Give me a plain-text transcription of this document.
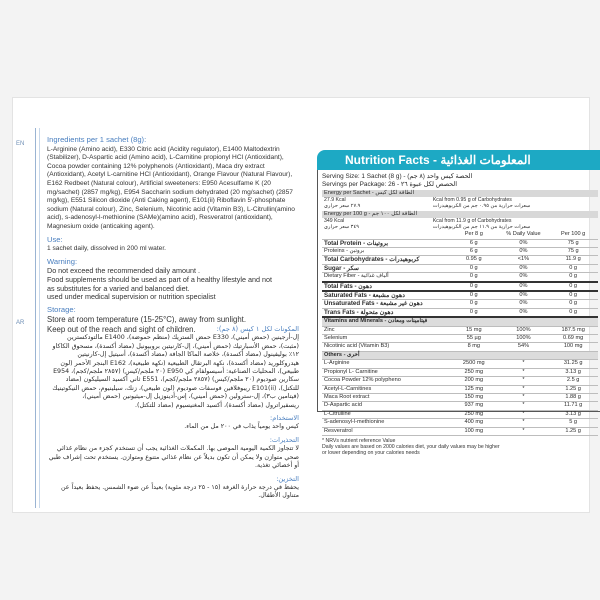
EN
AR
Ingredients per 1 sachet (8g):
L-Arginine (Amino acid), E330 Citric acid (Acidity regulator), E1400 Maltodextrin (Stabilizer), D-Aspartic acid (Amino acid), L-Carnitine propionyl HCl (Antioxidant), Cocoa powder containing 12% polyphenols (Antioxidant), Maca dry extract (Antioxidant), Acetyl L-carnitine HCl (Antioxidant), Orange Flavour (Natural Flavour), E162 Redbeet (Natural colour), Artificial sweeteners: E950 Acesulfame K (20 mg/sachet) (2857 mg/kg), E954 Saccharin sodium dehydrated (20 mg/sachet) (2857 mg/kg), E551 Silicon dioxide (Anti Caking agent), E101(ii) Riboflavin 5'-phosphate sodium (Natural colour), Zinc, Selenium, Nicotinic acid (Vitamin B3), L-Citrullin(amino acid), s-adenosyl-l-methionine (SAMe)(amino acid), Resveratrol (antioxidant), Magnesium oxide (anticaking agent).
Use:
1 sachet daily, dissolved in 200 ml water.
Warning:
Do not exceed the recommended daily amount .
Food supplements should be used as part of a healthy lifestyle and not
as substitutes for a varied and balanced diet.
used under medical supervision or nutrition specialist
Storage:
Store at room temperature (15-25°C), away from sunlight.
Keep out of the reach and sight of children.	المكونات لكل ١ كيس (٨ جم):
إل-أرجينين (حمض أميني)، E330 حمض الستريك (منظم حموضة)، E1400 مالتودكسترين (مثبت)، حمض الأسبارتيك (حمض أميني)، إل-كارنيتين بروبيونيل (مضاد أكسدة)، مسحوق الكاكاو ١٢٪ بوليفينول (مضاد أكسدة)، خلاصة الماكا الجافة (مضاد أكسدة)، أسيتيل إل-كارنيتين هيدروكلوريد (مضاد أكسدة)، نكهة البرتقال الطبيعية (نكهة طبيعية)، E162 البنجر الأحمر (لون طبيعي)، المحليات الصناعية: أسيسولفام كي E950 (٢٠ ملجم/كيس) (٢٨٥٧ ملجم/كجم)، E954 سكارين صوديوم (٢٠ ملجم/كيس) (٢٨٥٧ ملجم/كجم)، E551 ثاني أكسيد السيليكون (مضاد للتكتل)، E101(ii) ريبوفلافين فوسفات صوديوم (لون طبيعي)، زنك، سيلينيوم، حمض النيكوتينيك (فيتامين ب٣)، إل-سترولين (حمض أميني)، إس-أدينوزيل إل-ميثيونين (حمض أميني)، ريسفيراترول (مضاد أكسدة)، أكسيد المغنيسيوم (مضاد للتكتل).
الاستخدام:
كيس واحد يومياً يذاب في ٢٠٠ مل من الماء.
التحذيرات:
لا تتجاوز الكمية اليومية الموصى بها. المكملات الغذائية يجب أن تستخدم كجزء من نظام غذائي صحي متوازن ولا يمكن أن تكون بديلاً عن نظام غذائي متنوع ومتوازن. يستخدم تحت إشراف طبي أو أخصائي تغذية.
التخزين:
يحفظ في درجة حرارة الغرفة (١٥ - ٢٥ درجة مئوية) بعيداً عن ضوء الشمس. يحفظ بعيداً عن متناول الأطفال.
Nutrition Facts - المعلومات الغذائية
Serving Size: 1 Sachet (8 g) - الحصة كيس واحد (٨ جم)
Servings per Package: 26 - الحصص لكل عبوة ٢٦
Energy per Sachet - الطاقة لكل كيس
27.9 Kcal	Kcal from 0.95 g of Carbohydrates
٢٧.٩ سعر حراري	سعرات حرارية من ٠.٩٥ جم من الكربوهيدرات
Energy per 100 g - الطاقة لكل ١٠٠ جم
349 Kcal	Kcal from 11.9 g of Carbohydrates
٣٤٩ سعر حراري	سعرات حرارية من ١١.٩ جم من الكربوهيدرات
	Per 8 g	% Daily Value	Per 100 g
Total Protein - بروتينات	6 g	0%	75 g
Proteins - بروتين	6 g	0%	75 g
Total Carbohydrates - كربوهيدرات	0.95 g	<1%	11.9 g
Sugar - سكر	0 g	0%	0 g
Dietary Fiber - ألياف غذائية	0 g	0%	0 g
Total Fats - دهون	0 g	0%	0 g
Saturated Fats - دهون مشبعة	0 g	0%	0 g
Unsaturated Fats - دهون غير مشبعة	0 g	0%	0 g
Trans Fats - دهون متحولة	0 g	0%	0 g
Vitamins and Minerals - فيتامينات ومعادن			
Zinc	15 mg	100%	187.5 mg
Selenium	55 µg	100%	0.69 mg
Nicotinic acid (Vitamin B3)	8 mg	54%	100 mg
Others - أخرى			
L-Arginine	2500 mg	*	31.25 g
Propionyl L- Carnitine	250 mg	*	3.13 g
Cocoa Powder 12% polypheno	200 mg	*	2.5 g
Acetyl-L-Carnitines	125 mg	*	1.25 g
Maca Root extract	150 mg	*	1.88 g
D-Aspartic acid	937 mg	*	11.71 g
L-Citrulline	250 mg	*	3.13 g
S-adenosyl-l-methionine	400 mg	*	5 g
Resveratrol	100 mg	*	1.25 g
* NRVs nutrient reference Value
Daily values are based on 2000 calories diet, your daily values may be higher
or lower depending on your calories needs
